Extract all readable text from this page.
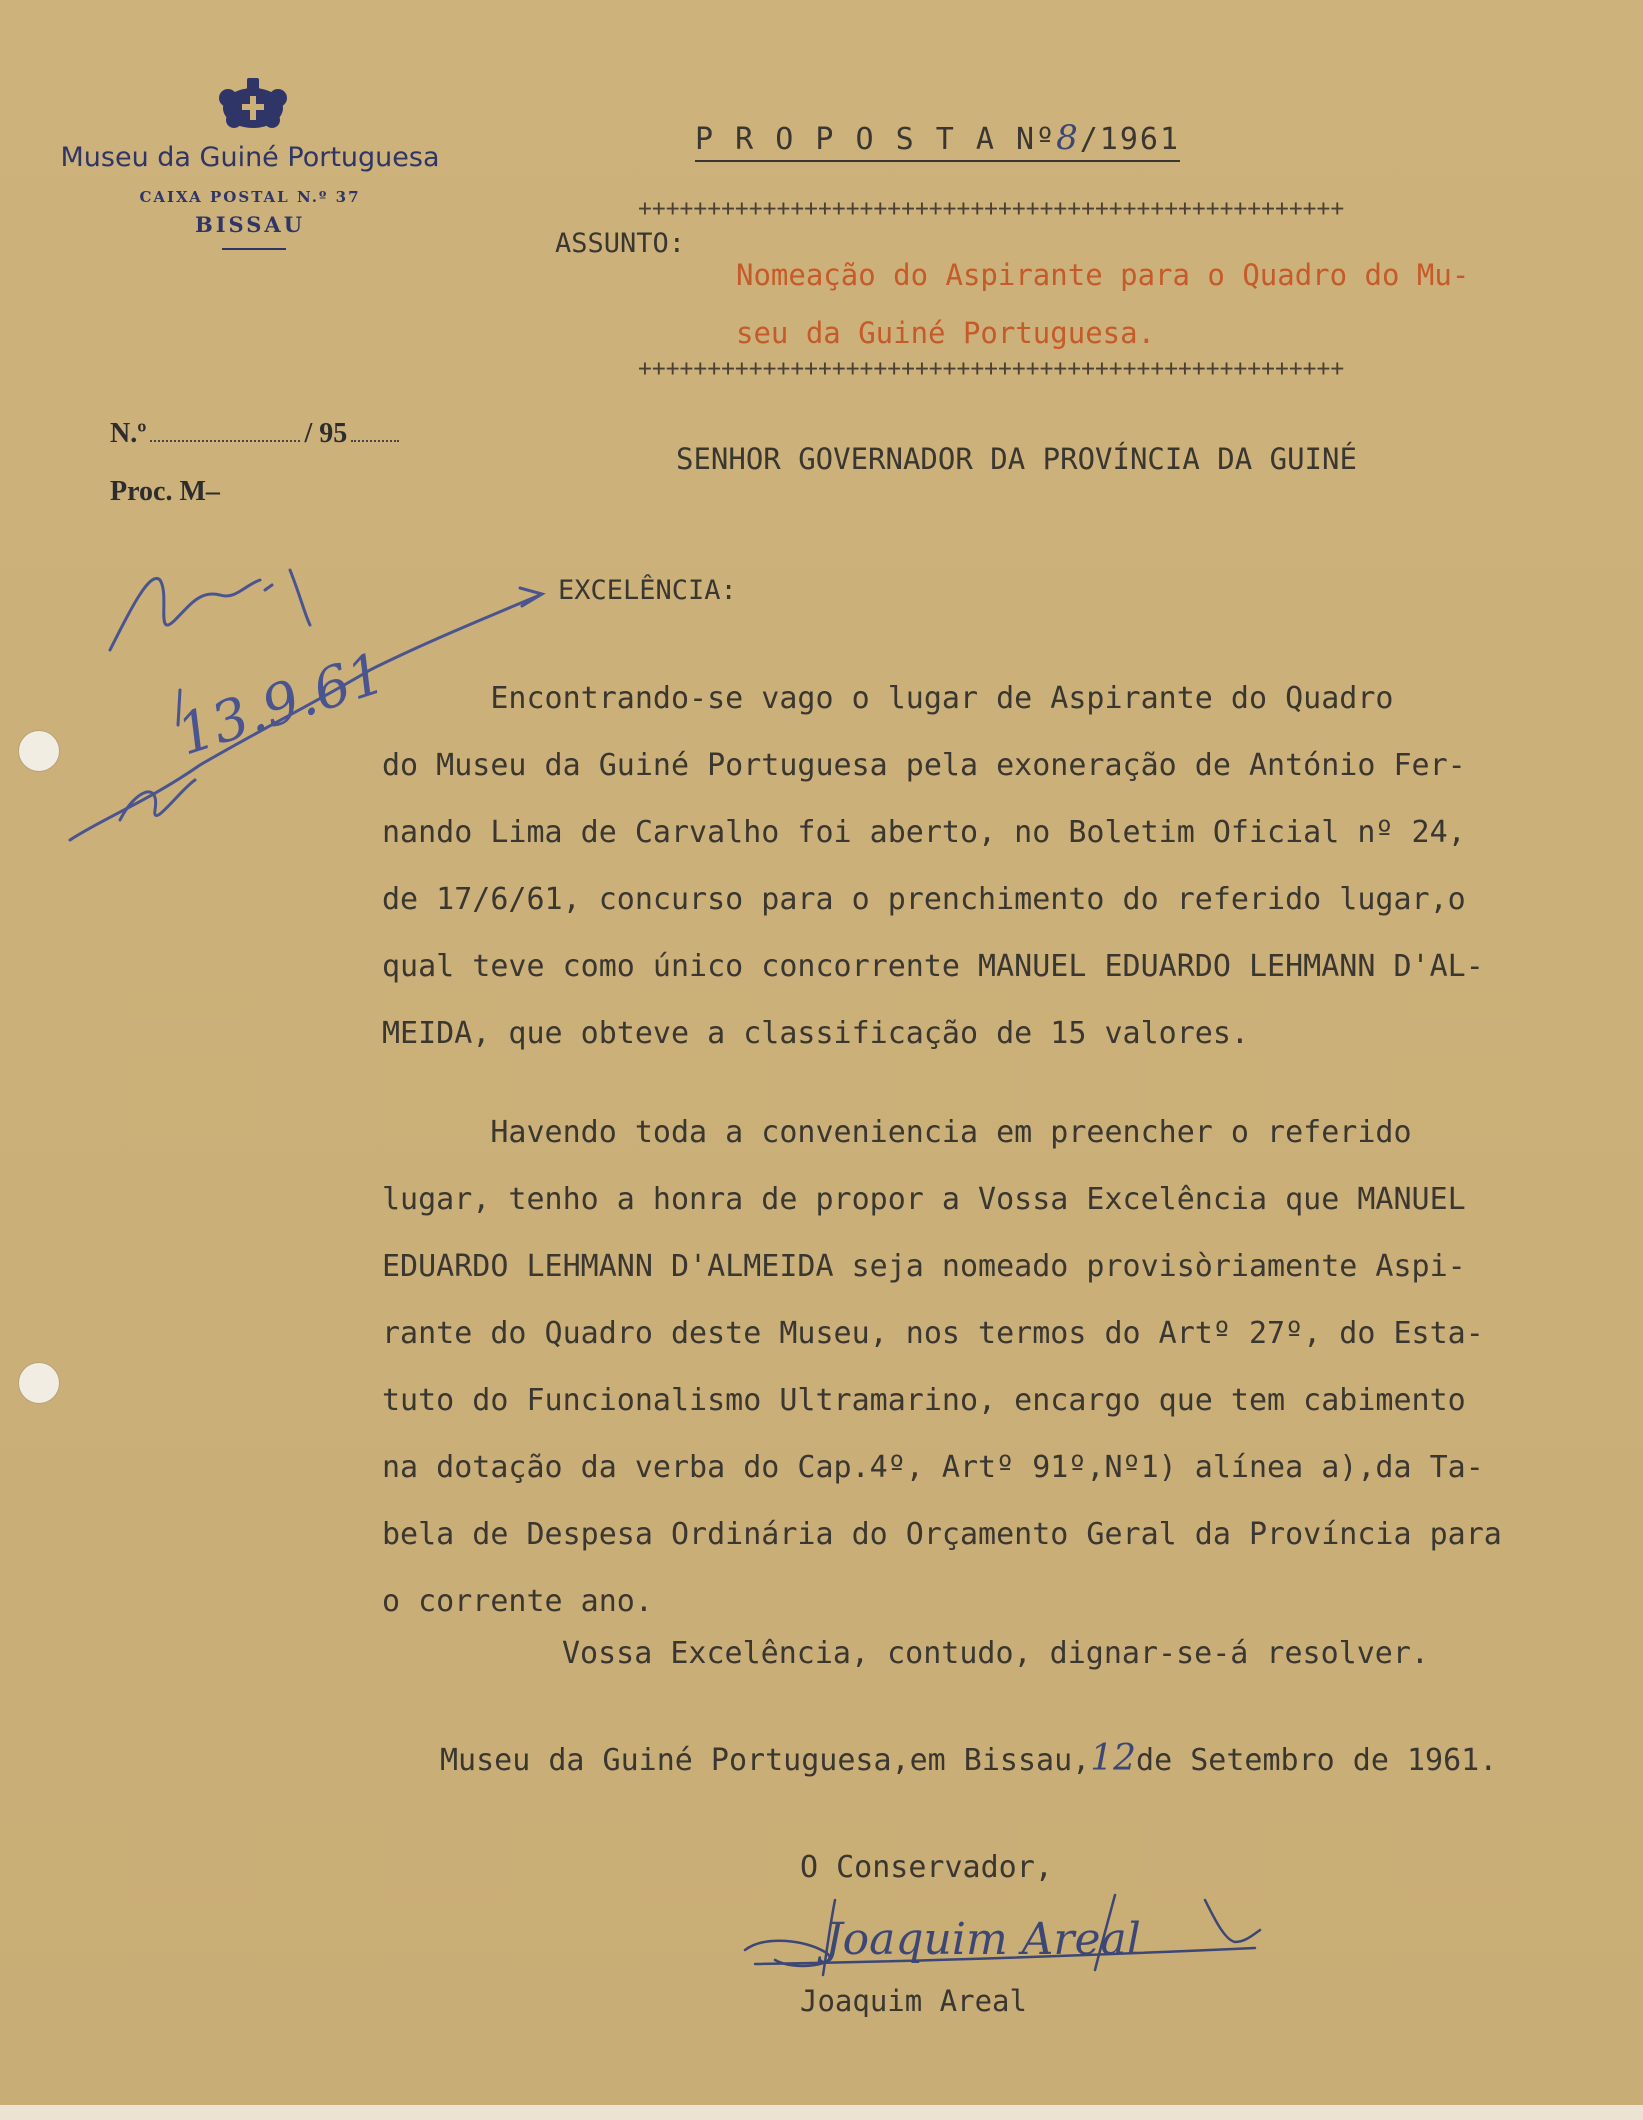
Museu da Guiné Portuguesa
CAIXA POSTAL N.º 37
BISSAU
N.º	/ 95
Proc. M–
13.9.61
P R O P O S T A Nº8/1961
+++++++++++++++++++++++++++++++++++++++++++++++++++
ASSUNTO:
Nomeação do Aspirante para o Quadro do Mu-
seu da Guiné Portuguesa.
+++++++++++++++++++++++++++++++++++++++++++++++++++
SENHOR GOVERNADOR DA PROVÍNCIA DA GUINÉ
EXCELÊNCIA:
Encontrando-se vago o lugar de Aspirante do Quadro
do Museu da Guiné Portuguesa pela exoneração de António Fer-
nando Lima de Carvalho foi aberto, no Boletim Oficial nº 24,
de 17/6/61, concurso para o prenchimento do referido lugar,o
qual teve como único concorrente MANUEL EDUARDO LEHMANN D'AL-
MEIDA, que obteve a classificação de 15 valores.
Havendo toda a conveniencia em preencher o referido
lugar, tenho a honra de propor a Vossa Excelência que MANUEL
EDUARDO LEHMANN D'ALMEIDA seja nomeado provisòriamente Aspi-
rante do Quadro deste Museu, nos termos do Artº 27º, do Esta-
tuto do Funcionalismo Ultramarino, encargo que tem cabimento
na dotação da verba do Cap.4º, Artº 91º,Nº1) alínea a),da Ta-
bela de Despesa Ordinária do Orçamento Geral da Província para
o corrente ano.
Vossa Excelência, contudo, dignar-se-á resolver.
Museu da Guiné Portuguesa,em Bissau,12de Setembro de 1961.
O Conservador,
Joaquim Areal
Joaquim Areal
